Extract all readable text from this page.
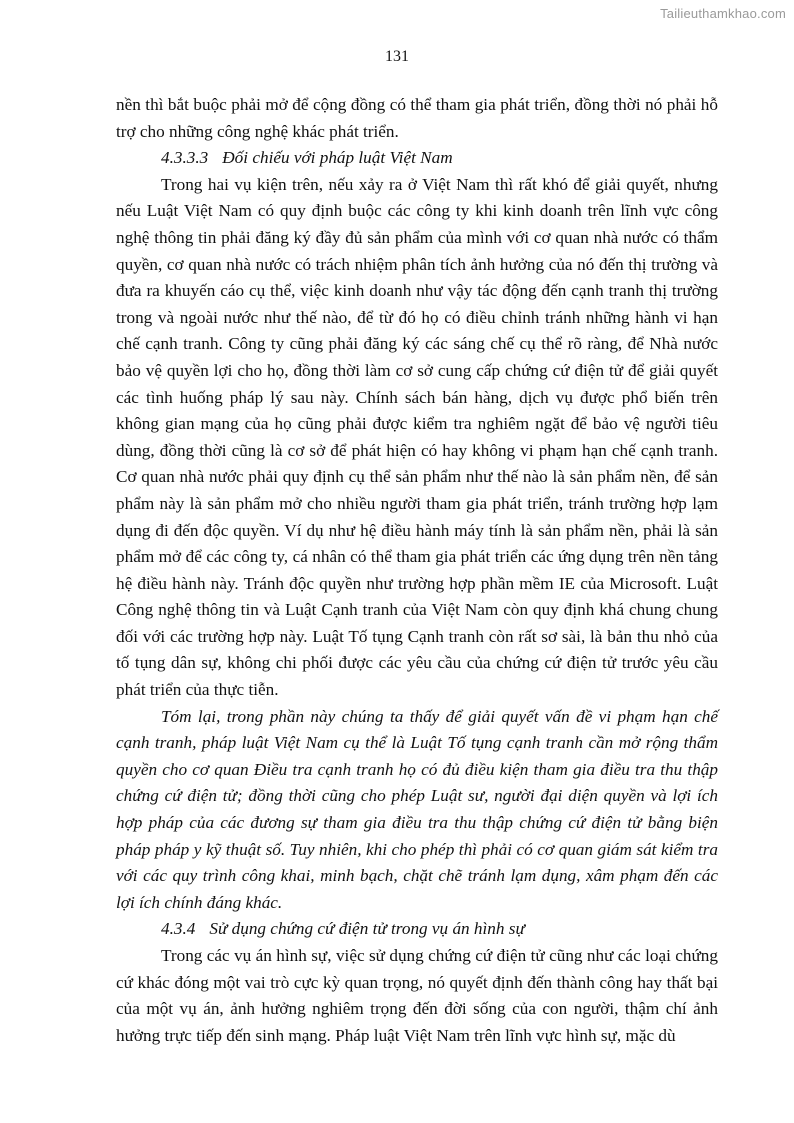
Tailieuthamkhao.com
131

nền thì bắt buộc phải mở để cộng đồng có thể tham gia phát triển, đồng thời nó phải hỗ trợ cho những công nghệ khác phát triển.

4.3.3.3 Đối chiếu với pháp luật Việt Nam

Trong hai vụ kiện trên, nếu xảy ra ở Việt Nam thì rất khó để giải quyết, nhưng nếu Luật Việt Nam có quy định buộc các công ty khi kinh doanh trên lĩnh vực công nghệ thông tin phải đăng ký đầy đủ sản phẩm của mình với cơ quan nhà nước có thẩm quyền, cơ quan nhà nước có trách nhiệm phân tích ảnh hưởng của nó đến thị trường và đưa ra khuyến cáo cụ thể, việc kinh doanh như vậy tác động đến cạnh tranh thị trường trong và ngoài nước như thế nào, để từ đó họ có điều chỉnh tránh những hành vi hạn chế cạnh tranh. Công ty cũng phải đăng ký các sáng chế cụ thể rõ ràng, để Nhà nước bảo vệ quyền lợi cho họ, đồng thời làm cơ sở cung cấp chứng cứ điện tử để giải quyết các tình huống pháp lý sau này. Chính sách bán hàng, dịch vụ được phổ biến trên không gian mạng của họ cũng phải được kiểm tra nghiêm ngặt để bảo vệ người tiêu dùng, đồng thời cũng là cơ sở để phát hiện có hay không vi phạm hạn chế cạnh tranh. Cơ quan nhà nước phải quy định cụ thể sản phẩm như thế nào là sản phẩm nền, để sản phẩm này là sản phẩm mở cho nhiều người tham gia phát triển, tránh trường hợp lạm dụng đi đến độc quyền. Ví dụ như hệ điều hành máy tính là sản phẩm nền, phải là sản phẩm mở để các công ty, cá nhân có thể tham gia phát triển các ứng dụng trên nền tảng hệ điều hành này. Tránh độc quyền như trường hợp phần mềm IE của Microsoft. Luật Công nghệ thông tin và Luật Cạnh tranh của Việt Nam còn quy định khá chung chung đối với các trường hợp này. Luật Tố tụng Cạnh tranh còn rất sơ sài, là bản thu nhỏ của tố tụng dân sự, không chi phối được các yêu cầu của chứng cứ điện tử trước yêu cầu phát triển của thực tiễn.

Tóm lại, trong phần này chúng ta thấy để giải quyết vấn đề vi phạm hạn chế cạnh tranh, pháp luật Việt Nam cụ thể là Luật Tố tụng cạnh tranh cần mở rộng thẩm quyền cho cơ quan Điều tra cạnh tranh họ có đủ điều kiện tham gia điều tra thu thập chứng cứ điện tử; đồng thời cũng cho phép Luật sư, người đại diện quyền và lợi ích hợp pháp của các đương sự tham gia điều tra thu thập chứng cứ điện tử bằng biện pháp pháp y kỹ thuật số. Tuy nhiên, khi cho phép thì phải có cơ quan giám sát kiểm tra với các quy trình công khai, minh bạch, chặt chẽ tránh lạm dụng, xâm phạm đến các lợi ích chính đáng khác.

4.3.4 Sử dụng chứng cứ điện tử trong vụ án hình sự

Trong các vụ án hình sự, việc sử dụng chứng cứ điện tử cũng như các loại chứng cứ khác đóng một vai trò cực kỳ quan trọng, nó quyết định đến thành công hay thất bại của một vụ án, ảnh hưởng nghiêm trọng đến đời sống của con người, thậm chí ảnh hưởng trực tiếp đến sinh mạng. Pháp luật Việt Nam trên lĩnh vực hình sự, mặc dù
